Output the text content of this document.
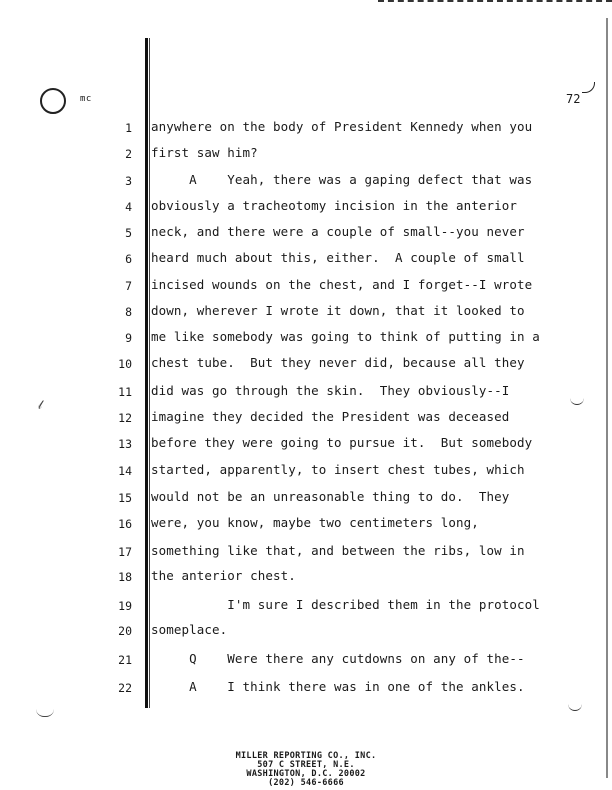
mc	72
𝓁
1 anywhere on the body of President Kennedy when you
2 first saw him?
3 A    Yeah, there was a gaping defect that was
4 obviously a tracheotomy incision in the anterior
5 neck, and there were a couple of small--you never
6 heard much about this, either.  A couple of small
7 incised wounds on the chest, and I forget--I wrote
8 down, wherever I wrote it down, that it looked to
9 me like somebody was going to think of putting in a
10 chest tube.  But they never did, because all they
11 did was go through the skin.  They obviously--I
12 imagine they decided the President was deceased
13 before they were going to pursue it.  But somebody
14 started, apparently, to insert chest tubes, which
15 would not be an unreasonable thing to do.  They
16 were, you know, maybe two centimeters long,
17 something like that, and between the ribs, low in
18 the anterior chest.
19 I'm sure I described them in the protocol
20 someplace.
21 Q    Were there any cutdowns on any of the--
22 A    I think there was in one of the ankles.
MILLER REPORTING CO., INC.
507 C STREET, N.E.
WASHINGTON, D.C. 20002
(202) 546-6666
